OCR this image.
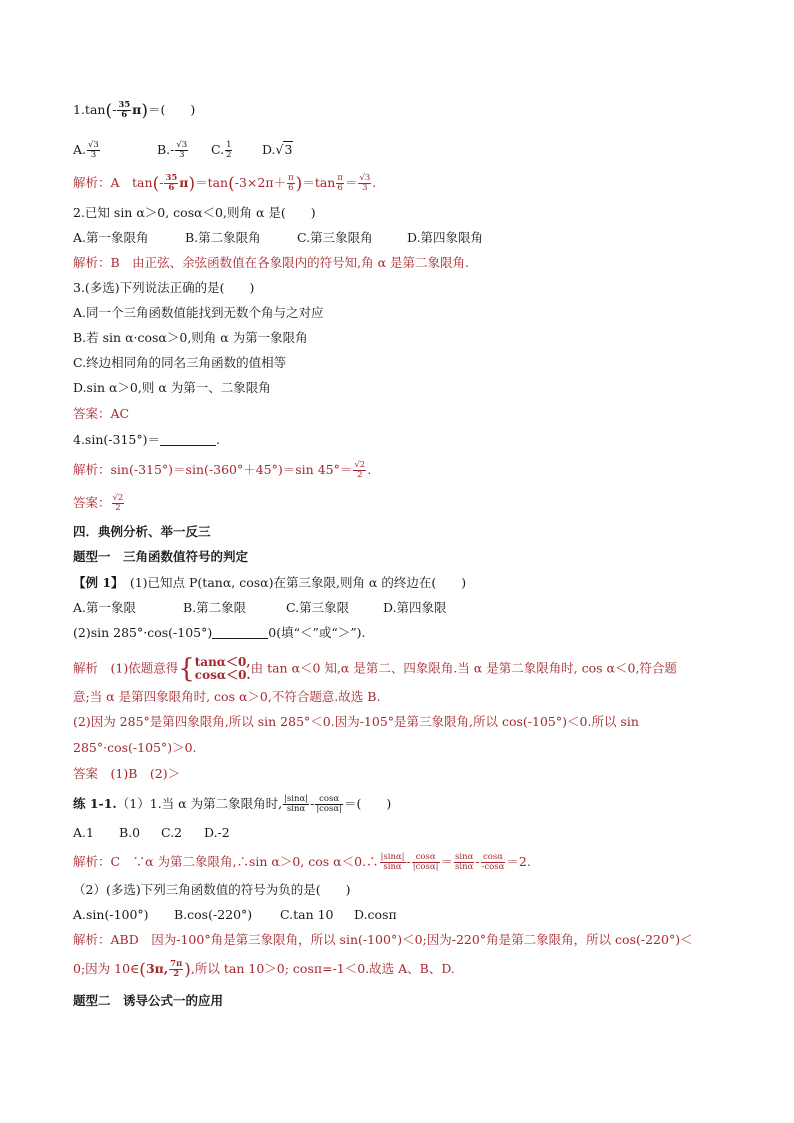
$1.\tan(- \frac{35}{6} \pi)=$(　　)
A. $\frac{√3}{3}$	$B.- \frac{√3}{3} C$. $\frac{1}{2} D.√3$
解析：A　$\tan(- \frac{35}{6} \pi)=\tan(-3\times 2\pi+ \frac{\pi}{6} )=\tan \frac{\pi}{6} = \frac{√3}{3}$ .
2.已知 sin α＞0, cosα＜0,则角 α 是(　　)
A.第一象限角	B.第二象限角	C.第三象限角	D.第四象限角
解析：B　由正弦、余弦函数值在各象限内的符号知,角 α 是第二象限角.
3.(多选)下列说法正确的是(　　)
A.同一个三角函数值能找到无数个角与之对应
B.若 sin α·cosα＞0,则角 α 为第一象限角
C.终边相同角的同名三角函数的值相等
D.sin α＞0,则 α 为第一、二象限角
答案：AC
4.sin(-315°)＝	.
解析：sin(-315°)＝sin(-360°＋45°)＝sin $45^\circ= \frac{√2}{2}$ .
答案： $\frac{√2}{2}$
四．典例分析、举一反三
题型一　三角函数值符号的判定
【例 1】　 (1)已知点 P(tanα, cosα)在第三象限,则角 α 的终边在(　　)
A.第一象限	B.第二象限	C.第三象限	D.第四象限
(2)sin 285°·cos(-105°)	0(填“＜”或“＞”).
解析　(1)依题意得{ tanα＜0,
cosα＜0. 由 tan α＜0 知,α 是第二、四象限角.当 α 是第二象限角时, cos α＜0,符合题
意;当 α 是第四象限角时, cos α＞0,不符合题意.故选 B.
(2)因为 285°是第四象限角,所以 sin 285°＜0.因为-105°是第三象限角,所以 cos(-105°)＜0.所以 sin
285°·cos(-105°)＞0.
答案　(1)B　(2)＞
练 1-1.（1）1.当 α 为第二象限角时, $\frac{|\sin\alpha|}{\sin\alpha} - \frac{\cos\alpha}{|\cos\alpha|}$ ＝(　　)
A.1 B.0 C.2 D.-2
解析：C　∵α 为第二象限角,∴sin α＞0, cos α＜0.∴ $\frac{|\sin\alpha|}{\sin\alpha} - \frac{\cos\alpha}{|\cos\alpha|} = \frac{\sin\alpha}{\sin\alpha} - \frac{\cos\alpha}{-\cos\alpha} =2$.
（2）(多选)下列三角函数值的符号为负的是(　　)
A.sin(-100°) B.cos(-220°) C.tan 10 D.cosπ
解析：ABD　因为-100°角是第三象限角，所以 sin(-100°)＜0;因为-220°角是第二象限角，所以 cos(-220°)＜
0;因为 10∈(3π, $\frac{7\pi}{2}$ ),所以 tan 10＞0; cosπ=-1＜0.故选 A、B、D.
题型二　诱导公式一的应用
